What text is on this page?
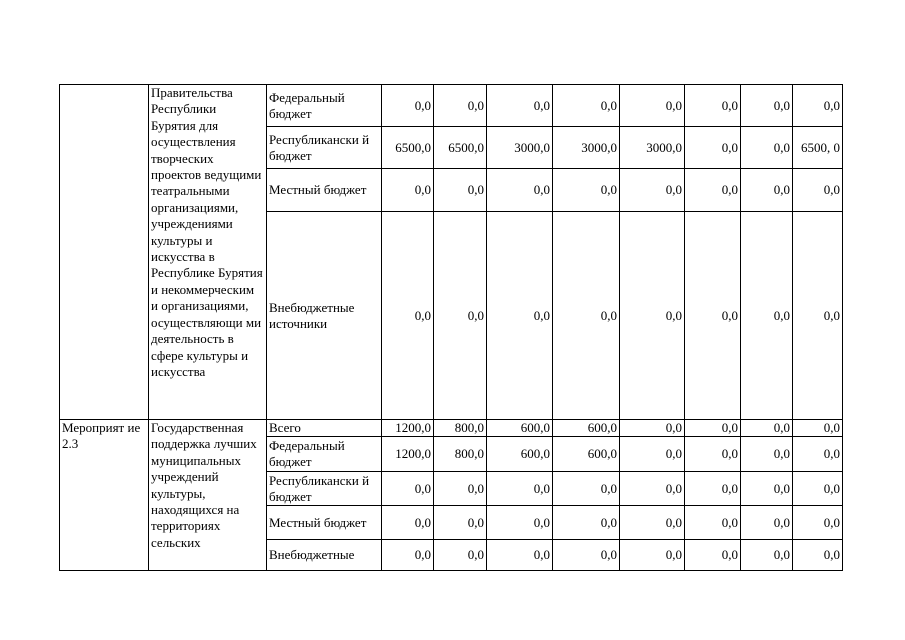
	Правительства Республики Бурятия для осуществления творческих проектов ведущими театральными организациями, учреждениями культуры и искусства в Республике Бурятия и некоммерческим и организациями, осуществляющи ми деятельность в сфере культуры и искусства	Федеральный бюджет	0,0	0,0	0,0	0,0	0,0	0,0	0,0	0,0
		Республикански й бюджет	6500,0	6500,0	3000,0	3000,0	3000,0	0,0	0,0	6500, 0
		Местный бюджет	0,0	0,0	0,0	0,0	0,0	0,0	0,0	0,0
		Внебюджетные источники	0,0	0,0	0,0	0,0	0,0	0,0	0,0	0,0

Мероприят ие 2.3	Государственная поддержка лучших муниципальных учреждений культуры, находящихся на территориях сельских	Всего	1200,0	800,0	600,0	600,0	0,0	0,0	0,0	0,0
		Федеральный бюджет	1200,0	800,0	600,0	600,0	0,0	0,0	0,0	0,0
		Республикански й бюджет	0,0	0,0	0,0	0,0	0,0	0,0	0,0	0,0
		Местный бюджет	0,0	0,0	0,0	0,0	0,0	0,0	0,0	0,0
		Внебюджетные	0,0	0,0	0,0	0,0	0,0	0,0	0,0	0,0
